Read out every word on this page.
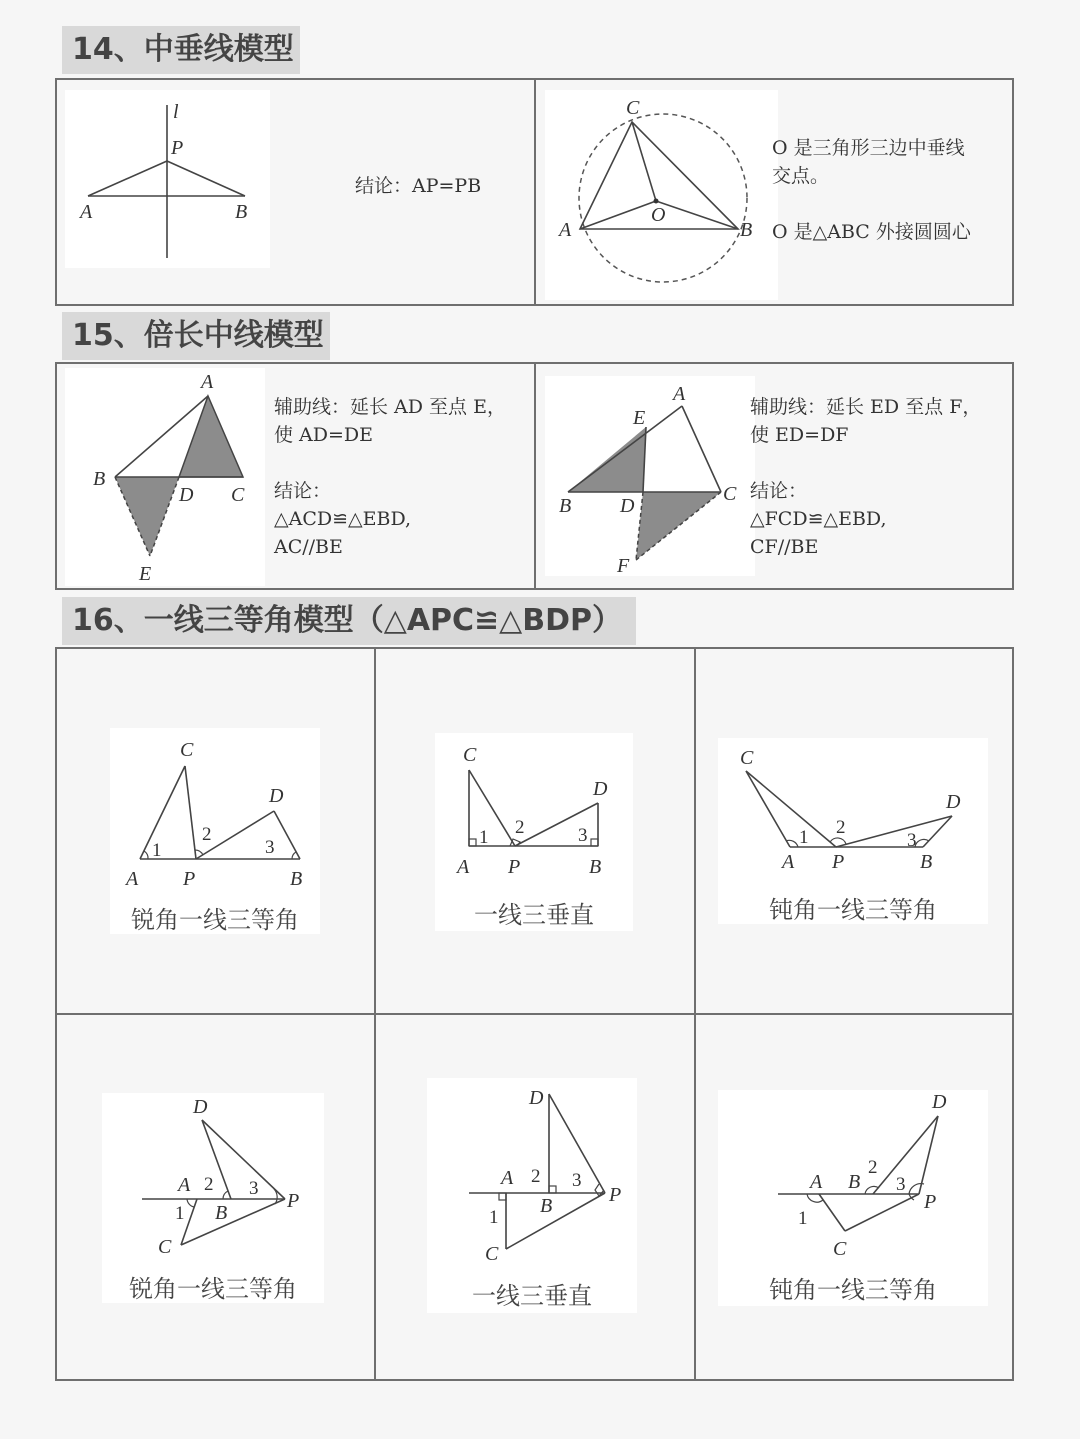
14、中垂线模型
l
P
A	B
结论：AP=PB
C
O
A	B
O 是三角形三边中垂线
交点。
O 是△ABC 外接圆圆心
15、倍长中线模型
A
B
D C
E
辅助线：延长 AD 至点 E，
使 AD=DE
结论：
△ACD≌△EBD,
AC//BE
A
E
B D
C
F
辅助线：延长 ED 至点 F，
使 ED=DF
结论：
△FCD≌△EBD,
CF//BE
16、一线三等角模型（△APC≌△BDP）
C
D
A P	B
1
2
3
锐角一线三等角
C
D
A P	B
1 2	3
一线三垂直
C
D
A P	B
1 2
3
钝角一线三等角
D
A
B
P
C
1
2 3
锐角一线三等角
D
A
B	P
C
1
2 3
一线三垂直
D
A B
P
C
1
2
3
钝角一线三等角
